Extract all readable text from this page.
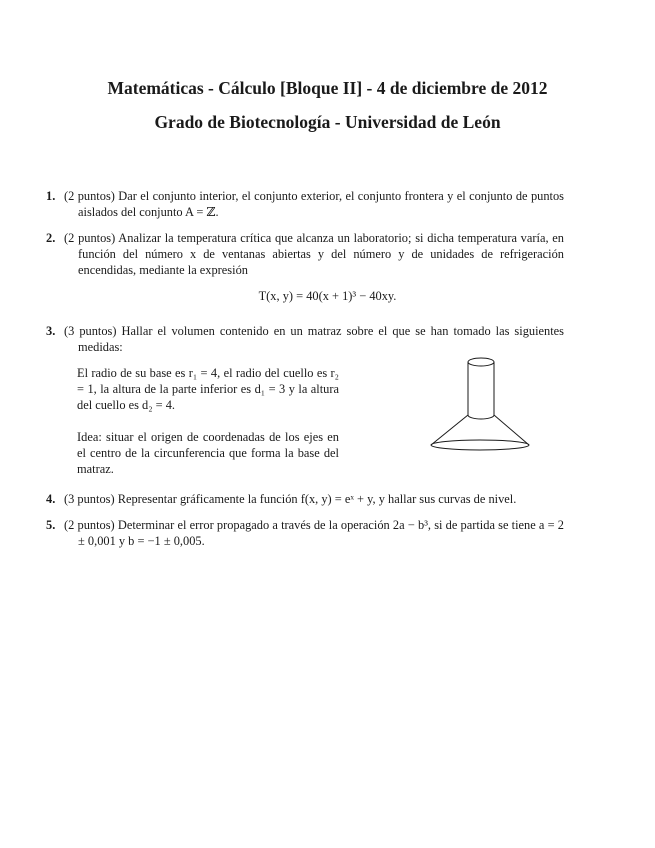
Matemáticas - Cálculo [Bloque II] - 4 de diciembre de 2012
Grado de Biotecnología - Universidad de León
1. (2 puntos) Dar el conjunto interior, el conjunto exterior, el conjunto frontera y el conjunto de puntos aislados del conjunto A = ℤ.
2. (2 puntos) Analizar la temperatura crítica que alcanza un laboratorio; si dicha temperatura varía, en función del número x de ventanas abiertas y del número y de unidades de refrigeración encendidas, mediante la expresión
T(x, y) = 40(x + 1)³ − 40xy.
3. (3 puntos) Hallar el volumen contenido en un matraz sobre el que se han tomado las siguientes medidas:

El radio de su base es r₁ = 4, el radio del cuello es r₂ = 1, la altura de la parte inferior es d₁ = 3 y la altura del cuello es d₂ = 4.

Idea: situar el origen de coordenadas de los ejes en el centro de la circunferencia que forma la base del matraz.

4. (3 puntos) Representar gráficamente la función f(x, y) = eˣ + y, y hallar sus curvas de nivel.
5. (2 puntos) Determinar el error propagado a través de la operación 2a − b³, si de partida se tiene a = 2 ± 0,001 y b = −1 ± 0,005.
